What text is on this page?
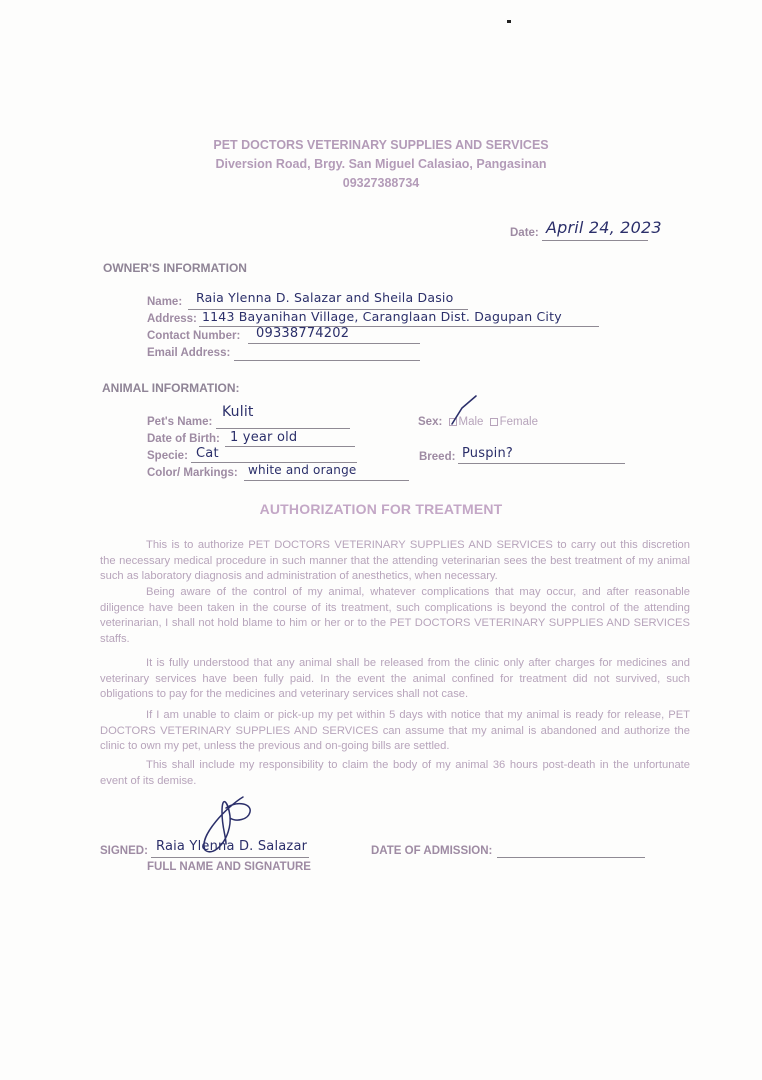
PET DOCTORS VETERINARY SUPPLIES AND SERVICES
Diversion Road, Brgy. San Miguel Calasiao, Pangasinan
09327388734
Date: April 24, 2023
OWNER'S INFORMATION
Name: Raia Ylenna D. Salazar and Sheila Dasio
Address: 1143 Bayanihan Village, Caranglaan Dist. Dagupan City
Contact Number: 09338774202
Email Address:
ANIMAL INFORMATION:
Pet's Name:
Kulit
Date of Birth: 1 year old
Specie: Cat
Color/ Markings: white and orange
Sex: Male Female
Breed: Puspin?
AUTHORIZATION FOR TREATMENT
This is to authorize PET DOCTORS VETERINARY SUPPLIES AND SERVICES to carry out this discretion the necessary medical procedure in such manner that the attending veterinarian sees the best treatment of my animal such as laboratory diagnosis and administration of anesthetics, when necessary.
Being aware of the control of my animal, whatever complications that may occur, and after reasonable diligence have been taken in the course of its treatment, such complications is beyond the control of the attending veterinarian, I shall not hold blame to him or her or to the PET DOCTORS VETERINARY SUPPLIES AND SERVICES staffs.
It is fully understood that any animal shall be released from the clinic only after charges for medicines and veterinary services have been fully paid. In the event the animal confined for treatment did not survived, such obligations to pay for the medicines and veterinary services shall not case.
If I am unable to claim or pick-up my pet within 5 days with notice that my animal is ready for release, PET DOCTORS VETERINARY SUPPLIES AND SERVICES can assume that my animal is abandoned and authorize the clinic to own my pet, unless the previous and on-going bills are settled.
This shall include my responsibility to claim the body of my animal 36 hours post-death in the unfortunate event of its demise.
SIGNED: Raia Ylenna D. Salazar
FULL NAME AND SIGNATURE
DATE OF ADMISSION:
